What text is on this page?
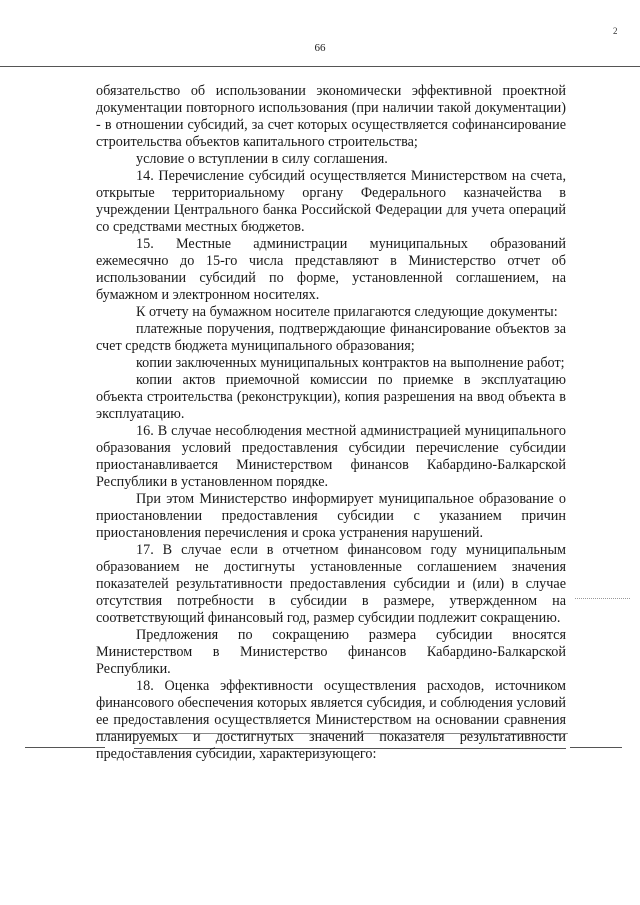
66
2

обязательство об использовании экономически эффективной проектной документации повторного использования (при наличии такой документации) - в отношении субсидий, за счет которых осуществляется софинансирование строительства объектов капитального строительства;

условие о вступлении в силу соглашения.

14. Перечисление субсидий осуществляется Министерством на счета, открытые территориальному органу Федерального казначейства в учреждении Центрального банка Российской Федерации для учета операций со средствами местных бюджетов.

15. Местные администрации муниципальных образований ежемесячно до 15-го числа представляют в Министерство отчет об использовании субсидий по форме, установленной соглашением, на бумажном и электронном носителях.

К отчету на бумажном носителе прилагаются следующие документы:

платежные поручения, подтверждающие финансирование объектов за счет средств бюджета муниципального образования;

копии заключенных муниципальных контрактов на выполнение работ;

копии актов приемочной комиссии по приемке в эксплуатацию объекта строительства (реконструкции), копия разрешения на ввод объекта в эксплуатацию.

16. В случае несоблюдения местной администрацией муниципального образования условий предоставления субсидии перечисление субсидии приостанавливается Министерством финансов Кабардино-Балкарской Республики в установленном порядке.

При этом Министерство информирует муниципальное образование о приостановлении предоставления субсидии с указанием причин приостановления перечисления и срока устранения нарушений.

17. В случае если в отчетном финансовом году муниципальным образованием не достигнуты установленные соглашением значения показателей результативности предоставления субсидии и (или) в случае отсутствия потребности в субсидии в размере, утвержденном на соответствующий финансовый год, размер субсидии подлежит сокращению.

Предложения по сокращению размера субсидии вносятся Министерством в Министерство финансов Кабардино-Балкарской Республики.

18. Оценка эффективности осуществления расходов, источником финансового обеспечения которых является субсидия, и соблюдения условий ее предоставления осуществляется Министерством на основании сравнения планируемых и достигнутых значений показателя результативности предоставления субсидии, характеризующего:
